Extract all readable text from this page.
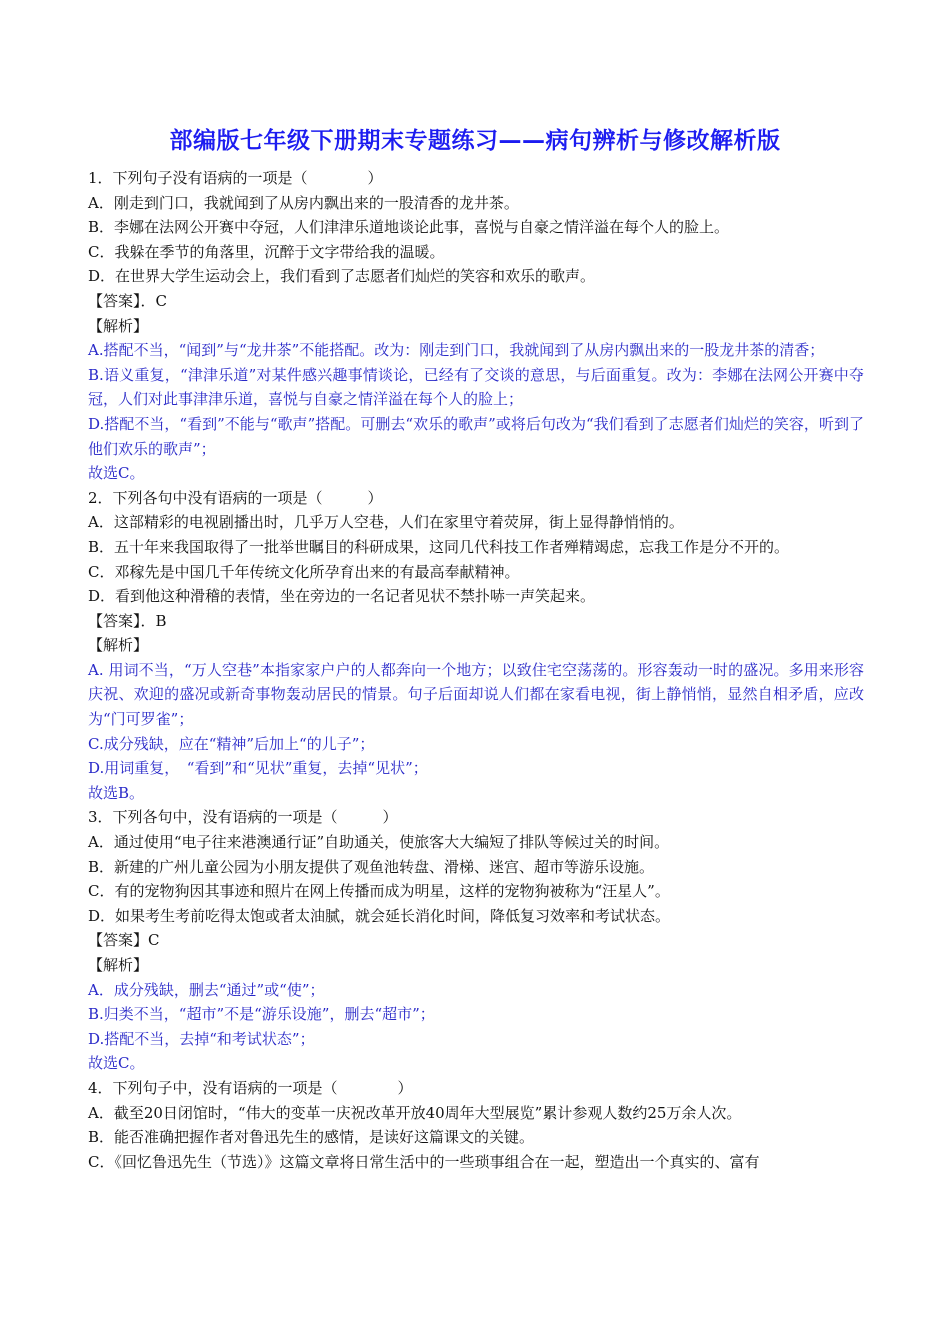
部编版七年级下册期末专题练习——病句辨析与修改解析版

1．下列句子没有语病的一项是（　　　　）

A．刚走到门口，我就闻到了从房内飘出来的一股清香的龙井茶。

B．李娜在法网公开赛中夺冠，人们津津乐道地谈论此事，喜悦与自豪之情洋溢在每个人的脸上。

C．我躲在季节的角落里，沉醉于文字带给我的温暖。

D．在世界大学生运动会上，我们看到了志愿者们灿烂的笑容和欢乐的歌声。

【答案】．C

【解析】

A.搭配不当，“闻到”与“龙井茶”不能搭配。改为：刚走到门口，我就闻到了从房内飘出来的一股龙井茶的清香；

B.语义重复，“津津乐道”对某件感兴趣事情谈论，已经有了交谈的意思，与后面重复。改为：李娜在法网公开赛中夺冠，人们对此事津津乐道，喜悦与自豪之情洋溢在每个人的脸上；

D.搭配不当，“看到”不能与“歌声”搭配。可删去“欢乐的歌声”或将后句改为“我们看到了志愿者们灿烂的笑容，听到了他们欢乐的歌声”；

故选C。

2．下列各句中没有语病的一项是（　　　）

A．这部精彩的电视剧播出时，几乎万人空巷，人们在家里守着荧屏，街上显得静悄悄的。

B．五十年来我国取得了一批举世瞩目的科研成果，这同几代科技工作者殚精竭虑，忘我工作是分不开的。

C．邓稼先是中国几千年传统文化所孕育出来的有最高奉献精神。

D．看到他这种滑稽的表情，坐在旁边的一名记者见状不禁扑哧一声笑起来。

【答案】．B

【解析】

A. 用词不当，“万人空巷”本指家家户户的人都奔向一个地方；以致住宅空荡荡的。形容轰动一时的盛况。多用来形容庆祝、欢迎的盛况或新奇事物轰动居民的情景。句子后面却说人们都在家看电视，街上静悄悄，显然自相矛盾，应改为“门可罗雀”；

C.成分残缺，应在“精神”后加上“的儿子”；

D.用词重复，　“看到”和“见状”重复，去掉“见状”；

故选B。

3．下列各句中，没有语病的一项是（　　　）

A．通过使用“电子往来港澳通行证”自助通关，使旅客大大编短了排队等候过关的时间。

B．新建的广州儿童公园为小朋友提供了观鱼池转盘、滑梯、迷宫、超市等游乐设施。

C．有的宠物狗因其事迹和照片在网上传播而成为明星，这样的宠物狗被称为“汪星人”。

D．如果考生考前吃得太饱或者太油腻，就会延长消化时间，降低复习效率和考试状态。

【答案】C

【解析】

A．成分残缺，删去“通过”或“使”；

B.归类不当，“超市”不是“游乐设施”，删去“超市”；

D.搭配不当，去掉“和考试状态”；

故选C。

4．下列句子中，没有语病的一项是（　　　　）

A．截至20日闭馆时，“伟大的变革一庆祝改革开放40周年大型展览”累计参观人数约25万余人次。

B．能否准确把握作者对鲁迅先生的感情，是读好这篇课文的关键。

C．《回忆鲁迅先生（节选）》这篇文章将日常生活中的一些琐事组合在一起，塑造出一个真实的、富有
